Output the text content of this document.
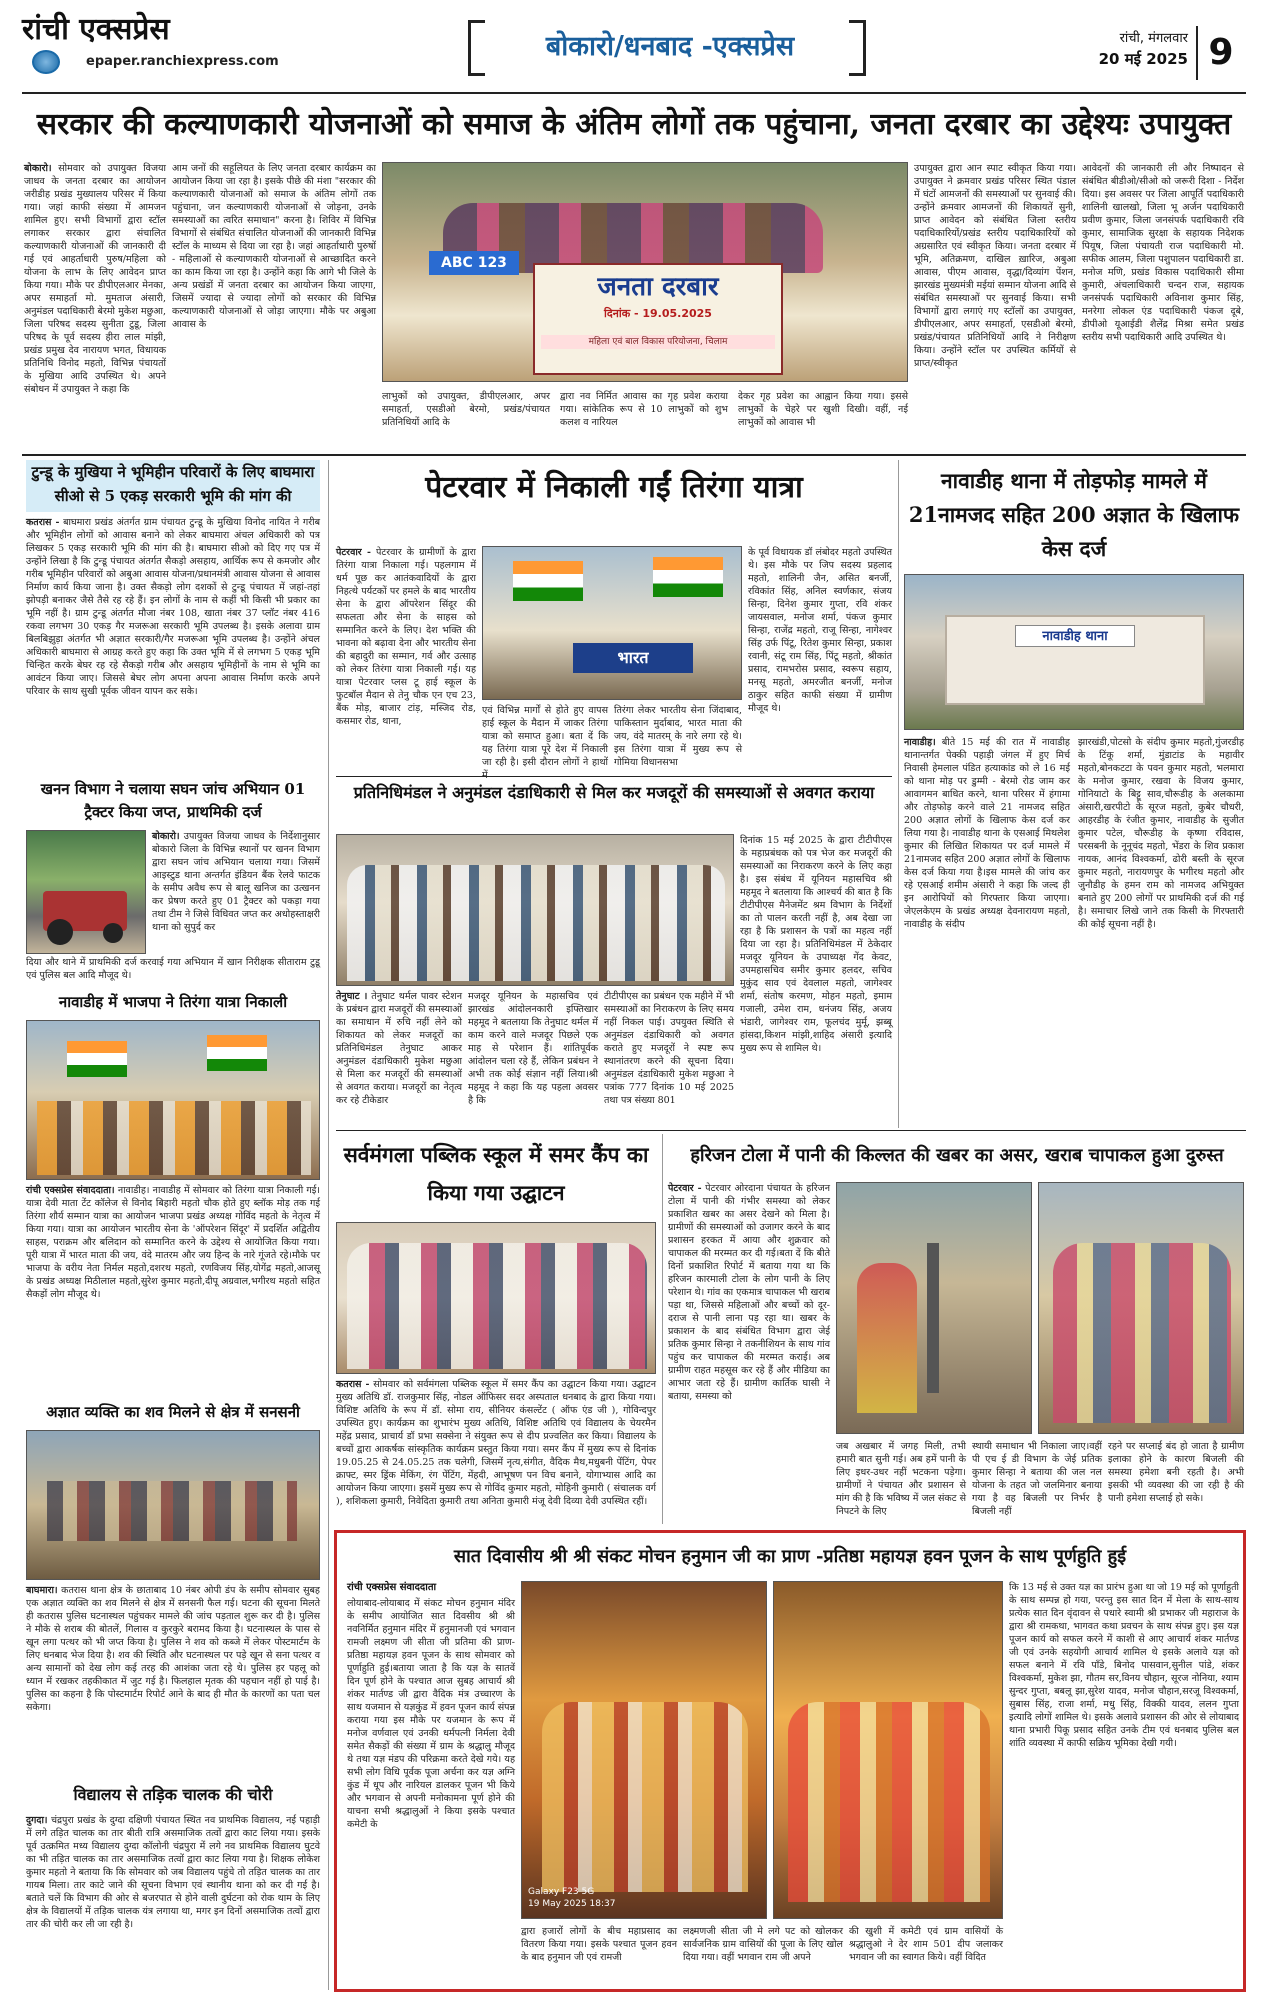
रांची एक्सप्रेस
epaper.ranchiexpress.com	बोकारो/धनबाद -एक्सप्रेस	रांची, मंगलवार
20 मई 2025 9
सरकार की कल्याणकारी योजनाओं को समाज के अंतिम लोगों तक पहुंचाना, जनता दरबार का उद्देश्यः उपायुक्त
बोकारो। सोमवार को उपायुक्त विजया जाधव के जनता दरबार का आयोजन जरीडीह प्रखंड मुख्यालय परिसर में किया गया। जहां काफी संख्या में आमजन शामिल हुए। सभी विभागों द्वारा स्टॉल लगाकर सरकार द्वारा संचालित कल्याणकारी योजनाओं की जानकारी दी गई एवं आहर्ताधारी पुरुष/महिला को योजना के लाभ के लिए आवेदन प्राप्त किया गया। मौके पर डीपीएलआर मेनका, अपर समाहर्ता मो. मुमताज अंसारी, अनुमंडल पदाधिकारी बेरमो मुकेश मछुआ, जिला परिषद सदस्य सुनीता टुडू, जिला परिषद के पूर्व सदस्य हीरा लाल मांझी, प्रखंड प्रमुख देव नारायण भगत, विधायक प्रतिनिधि विनोद महतो, विभिन्न पंचायतों के मुखिया आदि उपस्थित थे। अपने संबोधन में उपायुक्त ने कहा कि
आम जनों की सहूलियत के लिए जनता दरबार कार्यक्रम का आयोजन किया जा रहा है। इसके पीछे की मंशा "सरकार की कल्याणकारी योजनाओं को समाज के अंतिम लोगों तक पहुंचाना, जन कल्याणकारी योजनाओं से जोड़ना, उनके समस्याओं का त्वरित समाधान" करना है। शिविर में विभिन्न विभागों से संबंधित संचालित योजनाओं की जानकारी विभिन्न स्टॉल के माध्यम से दिया जा रहा है। जहां आहर्ताधारी पुरुषों - महिलाओं से कल्याणकारी योजनाओं से आच्छादित करने का काम किया जा रहा है। उन्होंने कहा कि आगे भी जिले के अन्य प्रखंडों में जनता दरबार का आयोजन किया जाएगा, जिसमें ज्यादा से ज्यादा लोगों को सरकार की विभिन्न कल्याणकारी योजनाओं से जोड़ा जाएगा। मौके पर अबुआ आवास के
जनता दरबार
दिनांक - 19.05.2025
महिला एवं बाल विकास परियोजना, चिलाम
ABC 123
लाभुकों को उपायुक्त, डीपीएलआर, अपर समाहर्ता, एसडीओ बेरमो, प्रखंड/पंचायत प्रतिनिधियों आदि के
द्वारा नव निर्मित आवास का गृह प्रवेश कराया गया। सांकेतिक रूप से 10 लाभुकों को शुभ कलश व नारियल
देकर गृह प्रवेश का आह्वान किया गया। इससे लाभुकों के चेहरे पर खुशी दिखी। वहीं, नई लाभुकों को आवास भी
उपायुक्त द्वारा आन स्पाट स्वीकृत किया गया। उपायुक्त ने क्रमवार प्रखंड परिसर स्थित पंडाल में घंटों आमजनों की समस्याओं पर सुनवाई की। उन्होंने क्रमवार आमजनों की शिकायतें सुनी, प्राप्त आवेदन को संबंधित जिला स्तरीय पदाधिकारियों/प्रखंड स्तरीय पदाधिकारियों को अग्रसारित एवं स्वीकृत किया। जनता दरबार में भूमि, अतिक्रमण, दाखिल ख़ारिज, अबुआ आवास, पीएम आवास, वृद्धा/दिव्यांग पेंशन, झारखंड मुख्यमंत्री मईयां सम्मान योजना आदि से संबंधित समस्याओं पर सुनवाई किया। सभी विभागों द्वारा लगाएं गए स्टॉलों का उपायुक्त, डीपीएलआर, अपर समाहर्ता, एसडीओ बेरमो, प्रखंड/पंचायत प्रतिनिधियों आदि ने निरीक्षण किया। उन्होंने स्टॉल पर उपस्थित कर्मियों से प्राप्त/स्वीकृत
आवेदनों की जानकारी ली और निष्पादन से संबंधित बीडीओ/सीओ को जरूरी दिशा - निर्देश दिया। इस अवसर पर जिला आपूर्ति पदाधिकारी शालिनी खालखो, जिला भू अर्जन पदाधिकारी प्रवीण कुमार, जिला जनसंपर्क पदाधिकारी रवि कुमार, सामाजिक सुरक्षा के सहायक निदेशक पियूष, जिला पंचायती राज पदाधिकारी मो. सफीक आलम, जिला पशुपालन पदाधिकारी डा. मनोज मणि, प्रखंड विकास पदाधिकारी सीमा कुमारी, अंचलाधिकारी चन्दन राज, सहायक जनसंपर्क पदाधिकारी अविनाश कुमार सिंह, मनरेगा लोकल एंड पदाधिकारी पंकज दूबे, डीपीओ यूआईडी शैलेंद्र मिश्रा समेत प्रखंड स्तरीय सभी पदाधिकारी आदि उपस्थित थे।
टुन्डू के मुखिया ने भूमिहीन परिवारों के लिए बाघमारा सीओ से 5 एकड़ सरकारी भूमि की मांग की
कतरास - बाघमारा प्रखंड अंतर्गत ग्राम पंचायत टुन्डू के मुखिया विनोद नायित ने गरीब और भूमिहीन लोगों को आवास बनाने को लेकर बाघमारा अंचल अधिकारी को पत्र लिखकर 5 एकड़ सरकारी भूमि की मांग की है। बाघमारा सीओ को दिए गए पत्र में उन्होंने लिखा है कि टुन्डू पंचायत अंतर्गत सैकड़ो असहाय, आर्थिक रूप से कमजोर और गरीब भूमिहीन परिवारों को अबुआ आवास योजना/प्रधानमंत्री आवास योजना से आवास निर्माण कार्य किया जाना है। उक्त सैकड़ो लोग दशकों से टुन्डू पंचायत में जहां-तहां झोपड़ी बनाकर जैसे तैसे रह रहे हैं। इन लोगों के नाम से कहीं भी किसी भी प्रकार का भूमि नहीं है। ग्राम टुन्डू अंतर्गत मौजा नंबर 108, खाता नंबर 37 प्लॉट नंबर 416 रकवा लगभग 30 एकड़ गैर मजरूआ सरकारी भूमि उपलब्ध है। इसके अलावा ग्राम बिलबिझुड़ा अंतर्गत भी अज्ञात सरकारी/गैर मजरूआ भूमि उपलब्ध है। उन्होंने अंचल अधिकारी बाघमारा से आग्रह करते हुए कहा कि उक्त भूमि में से लगभग 5 एकड़ भूमि चिन्हित करके बेघर रह रहे सैकड़ो गरीब और असहाय भूमिहीनों के नाम से भूमि का आवंटन किया जाए। जिससे बेघर लोग अपना अपना आवास निर्माण करके अपने परिवार के साथ सुखी पूर्वक जीवन यापन कर सके।
खनन विभाग ने चलाया सघन जांच अभियान 01 ट्रैक्टर किया जप्त, प्राथमिकी दर्ज
बोकारो। उपायुक्त विजया जाधव के निर्देशानुसार बोकारो जिला के विभिन्न स्थानों पर खनन विभाग द्वारा सघन जांच अभियान चलाया गया। जिसमें आइस्टुड थाना अन्तर्गत इंडियन बैंक रेलवे फाटक के समीप अवैध रूप से बालू खनिज का उत्खनन कर प्रेषण करते हुए 01 ट्रैक्टर को पकड़ा गया तथा टीम ने जिसे विधिवत जप्त कर अधोहस्ताक्षरी थाना को सुपुर्द कर
दिया और थाने में प्राथमिकी दर्ज करवाई गया अभियान में खान निरीक्षक सीताराम टुडू एवं पुलिस बल आदि मौजूद थे।
नावाडीह में भाजपा ने तिरंगा यात्रा निकाली
रांची एक्सप्रेस संवाददाता। नावाडीह। नावाडीह में सोमवार को तिरंगा यात्रा निकाली गई।यात्रा देवी माता टेंट कॉलेज से विनोद बिहारी महतो चौक होते हुए ब्लॉक मोड़ तक गई तिरंगा शौर्य सम्मान यात्रा का आयोजन भाजपा प्रखंड अध्यक्ष गोविंद महतो के नेतृत्व में किया गया। यात्रा का आयोजन भारतीय सेना के 'ऑपरेशन सिंदूर' में प्रदर्शित अद्वितीय साहस, पराक्रम और बलिदान को सम्मानित करने के उद्देश्य से आयोजित किया गया। पूरी यात्रा में भारत माता की जय, वंदे मातरम और जय हिन्द के नारे गूंजते रहे।मौके पर भाजपा के वरीय नेता निर्मल महतो,दशरथ महतो, रणविजय सिंह,योगेंद्र महतो,आजसू के प्रखंड अध्यक्ष मिठीलाल महतो,सुरेश कुमार महतो,दीपू अग्रवाल,भगीरथ महतो सहित सैकड़ों लोग मौजूद थे।
अज्ञात व्यक्ति का शव मिलने से क्षेत्र में सनसनी
बाघमारा। कतरास थाना क्षेत्र के छाताबाद 10 नंबर ओपी डंप के समीप सोमवार सुबह एक अज्ञात व्यक्ति का शव मिलने से क्षेत्र में सनसनी फैल गई। घटना की सूचना मिलते ही कतरास पुलिस घटनास्थल पहुंचकर मामले की जांच पड़ताल शुरू कर दी है। पुलिस ने मौके से शराब की बोतलें, गिलास व कुरकुरे बरामद किया है। घटनास्थल के पास से खून लगा पत्थर को भी जप्त किया है। पुलिस ने शव को कब्जे में लेकर पोस्टमार्टम के लिए धनबाद भेज दिया है। शव की स्थिति और घटनास्थल पर पड़े खून से सना पत्थर व अन्य सामानों को देख लोग कई तरह की आशंका जता रहे थे। पुलिस हर पहलू को ध्यान में रखकर तहकीकात में जुट गई है। फिलहाल मृतक की पहचान नहीं हो पाई है। पुलिस का कहना है कि पोस्टमार्टम रिपोर्ट आने के बाद ही मौत के कारणों का पता चल सकेगा।
विद्यालय से तड़िक चालक की चोरी
दुगदा। चंद्रपुरा प्रखंड के दुग्दा दक्षिणी पंचायत स्थित नव प्राथमिक विद्यालय, नई पहाड़ी में लगे तड़ित चालक का तार बीती रात्रि असमाजिक तत्वों द्वारा काट लिया गया। इसके पूर्व उत्क्रमित मध्य विद्यालय दुग्दा कॉलोनी चंद्रपुरा में लगे नव प्राथमिक विद्यालय घुटवे का भी तड़ित चालक का तार असमाजिक तत्वों द्वारा काट लिया गया है। शिक्षक लोकेश कुमार महतो ने बताया कि कि सोमवार को जब विद्यालय पहुंचे तो तड़ित चालक का तार गायब मिला। तार काटे जाने की सूचना विभाग एवं स्थानीय थाना को कर दी गई है। बताते चलें कि विभाग की ओर से बजरपात से होने वाली दुर्घटना को रोक थाम के लिए क्षेत्र के विद्यालयों में तड़िक चालक यंत्र लगाया था, मगर इन दिनों असमाजिक तत्वों द्वारा तार की चोरी कर ली जा रही है।
पेटरवार में निकाली गईं तिरंगा यात्रा
पेटरवार - पेटरवार के ग्रामीणों के द्वारा तिरंगा यात्रा निकाला गई। पहलगाम में धर्म पूछ कर आतंकवादियों के द्वारा निहत्थे पर्यटकों पर हमले के बाद भारतीय सेना के द्वारा ऑपरेशन सिंदूर की सफलता और सेना के साहस को सम्मानित करने के लिए। देश भक्ति की भावना को बढ़ावा देना और भारतीय सेना की बहादुरी का सम्मान, गर्व और उत्साह को लेकर तिरंगा यात्रा निकाली गई। यह यात्रा पेटरवार प्लस टू हाई स्कूल के फुटबॉल मैदान से तेनु चौक एन एच 23, बैंक मोड़, बाजार टांड़, मस्जिद रोड, कसमार रोड, थाना,
भारत
एवं विभिन्न मार्गों से होते हुए वापस हाई स्कूल के मैदान में जाकर तिरंगा यात्रा को समाप्त हुआ। बता दें कि यह तिरंगा यात्रा पूरे देश में निकाली जा रही है। इसी दौरान लोगों ने हाथों
तिरंगा लेकर भारतीय सेना जिंदाबाद, पाकिस्तान मुर्दाबाद, भारत माता की जय, वंदे मातरम् के नारे लगा रहे थे। इस तिरंगा यात्रा में मुख्य रूप से गोमिया विधानसभा
के पूर्व विधायक डॉ लंबोदर महतो उपस्थित थे। इस मौके पर जिप सदस्य प्रहलाद महतो, शालिनी जैन, असित बनर्जी, रविकांत सिंह, अनिल स्वर्णकार, संजय सिन्हा, दिनेश कुमार गुप्ता, रवि शंकर जायसवाल, मनोज शर्मा, पंकज कुमार सिन्हा, राजेंद्र महतो, राजू सिन्हा, नागेश्वर सिंह उर्फ पिंटू, रितेश कुमार सिन्हा, प्रकाश रवानी, संटू राम सिंह, पिंटू महतो, श्रीकांत प्रसाद, रामभरोस प्रसाद, स्वरूप सहाय, मनसू महतो, अमरजीत बनर्जी, मनोज ठाकुर सहित काफी संख्या में ग्रामीण मौजूद थे।
नावाडीह थाना में तोड़फोड़ मामले में 21नामजद सहित 200 अज्ञात के खिलाफ केस दर्ज
नावाडीह थाना
नावाडीह। बीते 15 मई की रात में नावाडीह थानान्तर्गत पेक्की पहाड़ी जंगल में हुए मिर्च निवासी हेमलाल पंडित हत्याकांड को ले 16 मई को थाना मोड़ पर डुम्मी - बेरमो रोड जाम कर आवागमन बाधित करने, थाना परिसर में हंगामा और तोड़फोड़ करने वाले 21 नामजद सहित 200 अज्ञात लोगों के खिलाफ केस दर्ज कर लिया गया है। नावाडीह थाना के एसआई मिथलेश कुमार की लिखित शिकायत पर दर्ज मामले में 21नामजद सहित 200 अज्ञात लोगों के खिलाफ केस दर्ज किया गया है।इस मामले की जांच कर रहे एसआई शमीम अंसारी ने कहा कि जल्द ही इन आरोपियों को गिरफ्तार किया जाएगा। जेएलकेएम के प्रखंड अध्यक्ष देवनारायण महतो, नावाडीह के संदीप
झारखंडी,पोटसो के संदीप कुमार महतो,गुंजरडीह के टिंकू शर्मा, मुंडाटांड के महावीर महतो,बोनकटटा के पवन कुमार महतो, भलमारा के मनोज कुमार, रखवा के विजय कुमार, गोनियाटो के बिट्टू साव,चौरूडीह के अलकामा अंसारी,खरपीटो के सूरज महतो, कुबेर चौधरी, आहरडीह के रंजीत कुमार, नावाडीह के सुजीत कुमार पटेल, चौरूडीह के कृष्णा रविदास, परसबनी के नूनूचंद महतो, भेंडरा के शिव प्रकाश नायक, आनंद विश्वकर्मा, ढोरी बस्ती के सूरज कुमार महतो, नारायणपुर के भगीरथ महतो और जुनौडीह के हमन राम को नामजद अभियुक्त बनाते हुए 200 लोगों पर प्राथमिकी दर्ज की गई है। समाचार लिखे जाने तक किसी के गिरफ्तारी की कोई सूचना नहीं है।
प्रतिनिधिमंडल ने अनुमंडल दंडाधिकारी से मिल कर मजदूरों की समस्याओं से अवगत कराया
दिनांक 15 मई 2025 के द्वारा टीटीपीएस के महाप्रबंधक को पत्र भेज कर मजदूरों की समस्याओं का निराकरण करने के लिए कहा है। इस संबंध में यूनियन महासचिव श्री महमूद ने बतलाया कि आश्चर्य की बात है कि टीटीपीएस मैनेजमेंट श्रम विभाग के निर्देशों का तो पालन करती नहीं है, अब देखा जा रहा है कि प्रशासन के पत्रों का महत्व नहीं दिया जा रहा है। प्रतिनिधिमंडल में ठेकेदार मजदूर यूनियन के उपाध्यक्ष गेंद केवट, उपमहासचिव समीर कुमार हलदर, सचिव मुकुंद साव एवं देवलाल महतो, जागेश्वर शर्मा, संतोष करमण, मोहन महतो, इमाम गजाली, उमेश राम, धनंजय सिंह, अजय भंडारी, जागेश्वर राम, फूलचंद मुर्मू, झब्बू हांसदा,किशन मांझी,शाहिद अंसारी इत्यादि मुख्य रूप से शामिल थे।
तेनुघाट । तेनुघाट थर्मल पावर स्टेशन के प्रबंधन द्वारा मजदूरों की समस्याओं का समाधान में रुचि नहीं लेने को शिकायत को लेकर मजदूरों का प्रतिनिधिमंडल तेनुघाट आकर अनुमंडल दंडाधिकारी मुकेश मछुआ से मिला कर मजदूरों की समस्याओं से अवगत कराया। मजदूरों का नेतृत्व कर रहे टीकेडार
मजदूर यूनियन के महासचिव एवं झारखंड आंदोलनकारी इफ्तिखार महमूद ने बतलाया कि तेनुघाट थर्मल में काम करने वाले मजदूर पिछले एक माह से परेशान हैं। शांतिपूर्वक आंदोलन चला रहे हैं, लेकिन प्रबंधन ने अभी तक कोई संज्ञान नहीं लिया।श्री महमूद ने कहा कि यह पहला अवसर है कि
टीटीपीएस का प्रबंधन एक महीने में भी समस्याओं का निराकरण के लिए समय नहीं निकल पाई। उपयुक्त स्थिति से अनुमंडल दंडाधिकारी को अवगत कराते हुए मजदूरों ने स्पष्ट रूप स्थानांतरण करने की सूचना दिया। अनुमंडल दंडाधिकारी मुकेश मछुआ ने पत्रांक 777 दिनांक 10 मई 2025 तथा पत्र संख्या 801
सर्वमंगला पब्लिक स्कूल में समर कैंप का किया गया उद्घाटन
कतरास - सोमवार को सर्वमंगला पब्लिक स्कूल में समर कैंप का उद्घाटन किया गया। उद्घाटन मुख्य अतिथि डॉ. राजकुमार सिंह, नोडल ऑफिसर सदर अस्पताल धनबाद के द्वारा किया गया। विशिष्ट अतिथि के रूप में डॉ. सोमा राय, सीनियर कंसल्टेंट ( ऑफ एंड जी ), गोविन्दपुर उपस्थित हुए। कार्यक्रम का शुभारंभ मुख्य अतिथि, विशिष्ट अतिथि एवं विद्यालय के चेयरमैन महेंद्र प्रसाद, प्राचार्य डॉ प्रभा सक्सेना ने संयुक्त रूप से दीप प्रज्वलित कर किया। विद्यालय के बच्चों द्वारा आकर्षक सांस्कृतिक कार्यक्रम प्रस्तुत किया गया। समर कैंप में मुख्य रूप से दिनांक 19.05.25 से 24.05.25 तक चलेगी, जिसमें नृत्य,संगीत, वैदिक मैथ,मधुबनी पेंटिंग, पेपर क्राफ्ट, स्मर ड्रिंक मेकिंग, रंग पेंटिंग, मेंहदी, आभूषण पन विच बनाने, योगाभ्यास आदि का आयोजन किया जाएगा। इसमें मुख्य रूप से गोविंद कुमार महतो, मोहिनी कुमारी ( संचालक वर्ग ), शशिकला कुमारी, निवेदिता कुमारी तथा अनिता कुमारी मंजू देवी दिव्या देवी उपस्थित रहीं।
हरिजन टोला में पानी की किल्लत की खबर का असर, खराब चापाकल हुआ दुरुस्त
पेटरवार - पेटरवार ओरदाना पंचायत के हरिजन टोला में पानी की गंभीर समस्या को लेकर प्रकाशित खबर का असर देखने को मिला है। ग्रामीणों की समस्याओं को उजागर करने के बाद प्रशासन हरकत में आया और शुक्रवार को चापाकल की मरम्मत कर दी गई।बता दें कि बीते दिनों प्रकाशित रिपोर्ट में बताया गया था कि हरिजन कारमाली टोला के लोग पानी के लिए परेशान थे। गांव का एकमात्र चापाकल भी खराब पड़ा था, जिससे महिलाओं और बच्चों को दूर-दराज से पानी लाना पड़ रहा था। खबर के प्रकाशन के बाद संबंधित विभाग द्वारा जेई प्रतिक कुमार सिन्हा ने तकनीशियन के साथ गांव पहुंच कर चापाकल की मरम्मत कराई। अब ग्रामीण राहत महसूस कर रहे हैं और मीडिया का आभार जता रहे हैं। ग्रामीण कार्तिक घासी ने बताया, समस्या को
जब अखबार में जगह मिली, तभी हमारी बात सुनी गई। अब हमें पानी के लिए इधर-उधर नहीं भटकना पड़ेगा। ग्रामीणों ने पंचायत और प्रशासन से मांग की है कि भविष्य में जल संकट से निपटने के लिए
स्थायी समाधान भी निकाला जाए।वहीं पी एच ई डी विभाग के जेई प्रतिक कुमार सिन्हा ने बताया की जल नल योजना के तहत जो जलमिनार बनाया गया है वह बिजली पर निर्भर है बिजली नहीं
रहने पर सप्लाई बंद हो जाता है ग्रामीण इलाका होने के कारण बिजली की समस्या हमेशा बनी रहती है। अभी इसकी भी व्यवस्था की जा रही है की पानी हमेशा सप्लाई हो सके।
सात दिवासीय श्री श्री संकट मोचन हनुमान जी का प्राण -प्रतिष्ठा महायज्ञ हवन पूजन के साथ पूर्णहुति हुई
रांची एक्सप्रेस संवाददाता
लोयाबाद-लोयाबाद में संकट मोचन हनुमान मंदिर के समीप आयोजित सात दिवसीय श्री श्री नवनिर्मित हनुमान मंदिर में हनुमानजी एवं भगवान रामजी लक्ष्मण जी सीता जी प्रतिमा की प्राण-प्रतिष्ठा महायज्ञ हवन पूजन के साथ सोमवार को पूर्णाहुति हुई।बताया जाता है कि यज्ञ के सातवें दिन पूर्ण होने के पश्चात आज सुबह आचार्य श्री शंकर मार्तण्ड जी द्वारा वैदिक मंत्र उच्चारण के साथ यजमान से यज्ञकुंड में हवन पूजन कार्य संपन्न कराया गया इस मौके पर यजमान के रूप में मनोज वर्णवाल एवं उनकी धर्मपत्नी निर्मला देवी समेत सैकड़ों की संख्या में ग्राम के श्रद्धालु मौजूद थे तथा यज्ञ मंडप की परिक्रमा करते देखे गये। यह सभी लोग विधि पूर्वक पूजा अर्चना कर यज्ञ अग्नि कुंड में धूप और नारियल डालकर पूजन भी किये और भगवान से अपनी मनोकामना पूर्ण होने की याचना सभी श्रद्धालुओं ने किया इसके पश्चात कमेटी के
Galaxy F23 5G
19 May 2025 18:37
कि 13 मई से उक्त यज्ञ का प्रारंभ हुआ था जो 19 मई को पूर्णाहुती के साथ सम्पन्न हो गया, परन्तु इस सात दिन में मेला के साथ-साथ प्रत्येक सात दिन वृंदावन से पधारे स्वामी श्री प्रभाकर जी महाराज के द्वारा श्री रामकथा, भागवत कथा प्रवचन के साथ संपन्न हुए। इस यज्ञ पूजन कार्य को सफल करने में काशी से आए आचार्य शंकर मार्तण्ड जी एवं उनके सहयोगी आचार्य शामिल थे इसके अलावे यज्ञ को सफल बनाने में रवि पाँडे, बिनोद पासवान,सुनील पांडे, शंकर विश्वकर्मा, मुकेश झा, गौतम सर,विनय चौहान, सूरज नोनिया, श्याम सुन्दर गुप्ता, बबलू झा,सुरेश यादव, मनोज चौहान,सरजू विश्वकर्मा, सुबास सिंह, राजा शर्मा, मधु सिंह, विक्की यादव, ललन गुप्ता इत्यादि लोगों शामिल थे। इसके अलावे प्रशासन की ओर से लोयाबाद थाना प्रभारी पिकू प्रसाद सहित उनके टीम एवं धनबाद पुलिस बल शांति व्यवस्था में काफी सक्रिय भूमिका देखी गयी।
द्वारा हजारों लोगों के बीच महाप्रसाद का वितरण किया गया। इसके पश्चात पूजन हवन के बाद हनुमान जी एवं रामजी
लक्ष्मणजी सीता जी मे लगे पट को खोलकर सार्वजनिक ग्राम वासियों की पूजा के लिए खोल दिया गया। वहीं भगवान राम जी अपने
की खुशी में कमेटी एवं ग्राम वासियों के श्रद्धालुओ ने देर शाम 501 दीप जलाकर भगवान जी का स्वागत किये। वहीं विदित
